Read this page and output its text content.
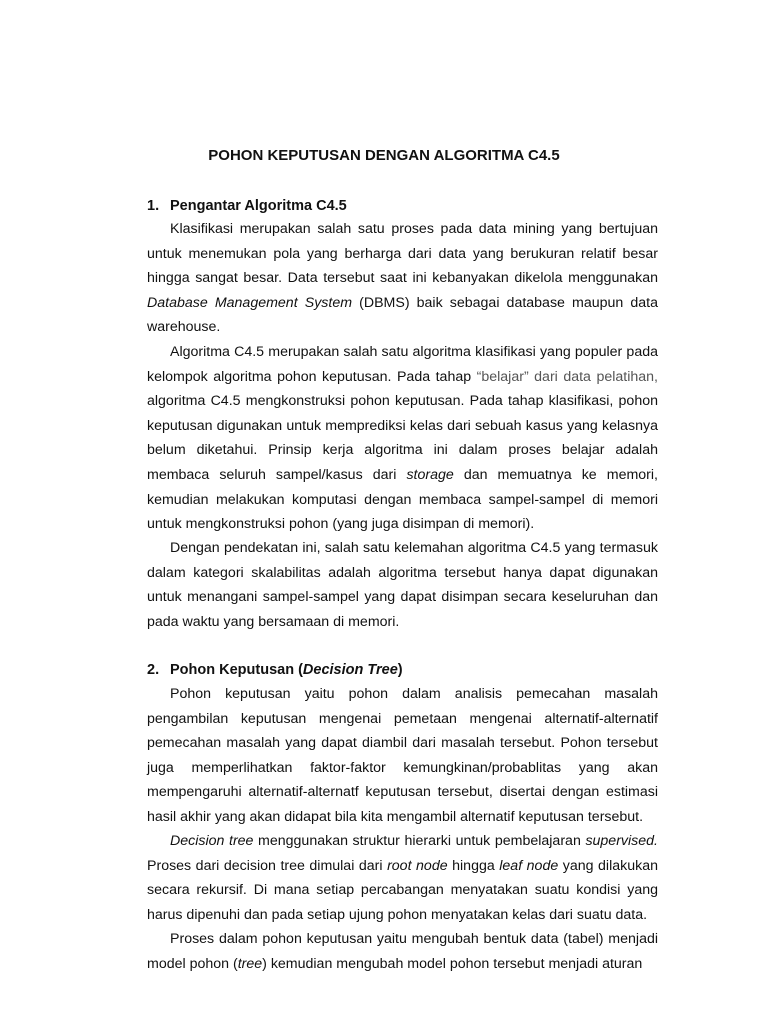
POHON KEPUTUSAN DENGAN ALGORITMA C4.5
1. Pengantar Algoritma C4.5

Klasifikasi merupakan salah satu proses pada data mining yang bertujuan untuk menemukan pola yang berharga dari data yang berukuran relatif besar hingga sangat besar. Data tersebut saat ini kebanyakan dikelola menggunakan Database Management System (DBMS) baik sebagai database maupun data warehouse.

Algoritma C4.5 merupakan salah satu algoritma klasifikasi yang populer pada kelompok algoritma pohon keputusan. Pada tahap “belajar” dari data pelatihan, algoritma C4.5 mengkonstruksi pohon keputusan. Pada tahap klasifikasi, pohon keputusan digunakan untuk memprediksi kelas dari sebuah kasus yang kelasnya belum diketahui. Prinsip kerja algoritma ini dalam proses belajar adalah membaca seluruh sampel/kasus dari storage dan memuatnya ke memori, kemudian melakukan komputasi dengan membaca sampel-sampel di memori untuk mengkonstruksi pohon (yang juga disimpan di memori).

Dengan pendekatan ini, salah satu kelemahan algoritma C4.5 yang termasuk dalam kategori skalabilitas adalah algoritma tersebut hanya dapat digunakan untuk menangani sampel-sampel yang dapat disimpan secara keseluruhan dan pada waktu yang bersamaan di memori.

2. Pohon Keputusan (Decision Tree)

Pohon keputusan yaitu pohon dalam analisis pemecahan masalah pengambilan keputusan mengenai pemetaan mengenai alternatif-alternatif pemecahan masalah yang dapat diambil dari masalah tersebut. Pohon tersebut juga memperlihatkan faktor-faktor kemungkinan/probablitas yang akan mempengaruhi alternatif-alternatf keputusan tersebut, disertai dengan estimasi hasil akhir yang akan didapat bila kita mengambil alternatif keputusan tersebut.

Decision tree menggunakan struktur hierarki untuk pembelajaran supervised. Proses dari decision tree dimulai dari root node hingga leaf node yang dilakukan secara rekursif. Di mana setiap percabangan menyatakan suatu kondisi yang harus dipenuhi dan pada setiap ujung pohon menyatakan kelas dari suatu data.

Proses dalam pohon keputusan yaitu mengubah bentuk data (tabel) menjadi model pohon (tree) kemudian mengubah model pohon tersebut menjadi aturan
